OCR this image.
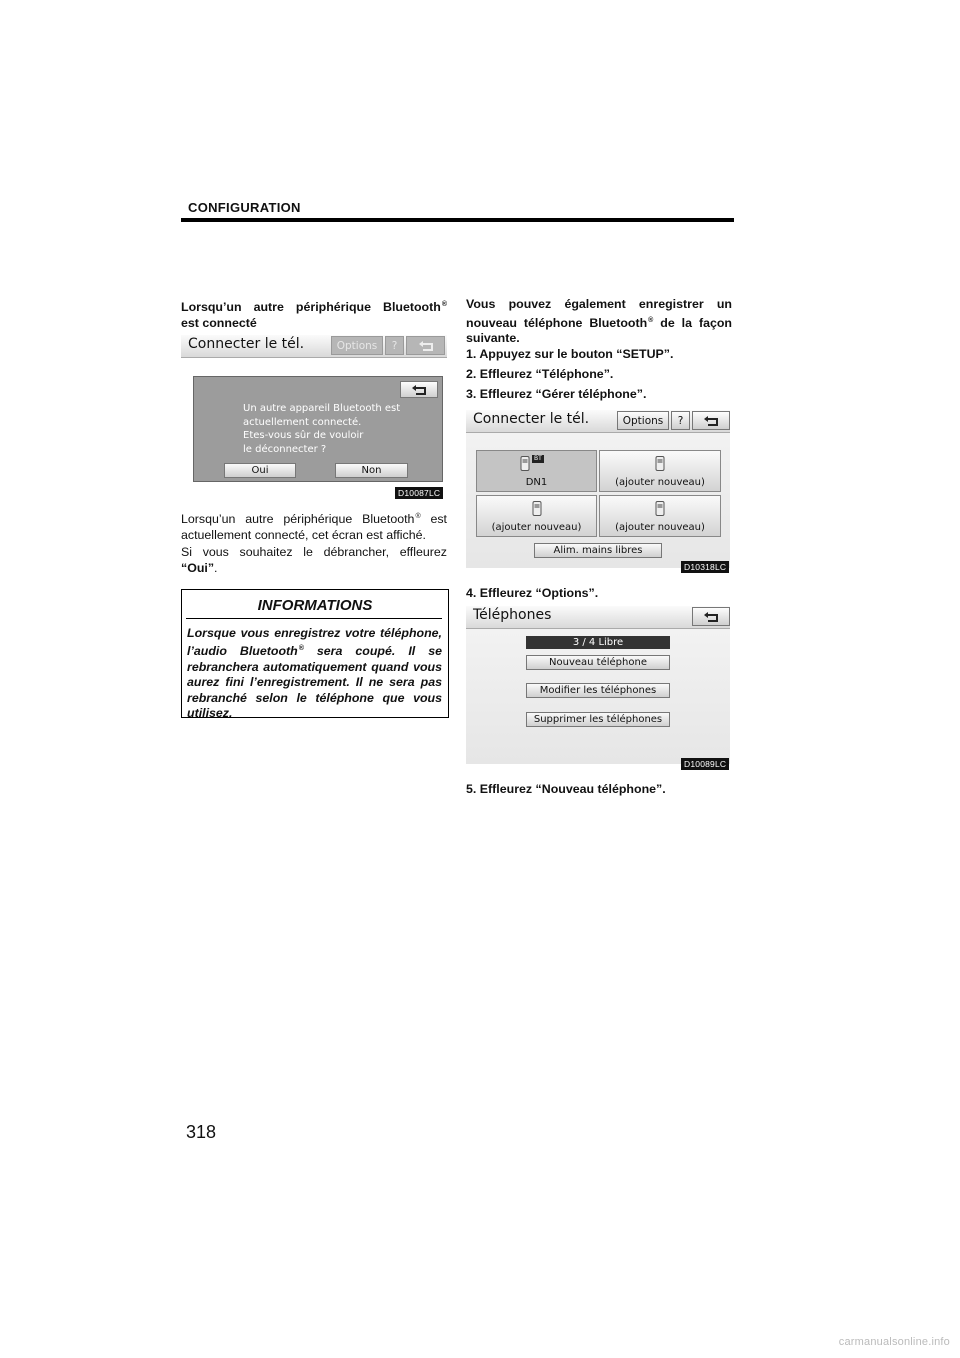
CONFIGURATION
Lorsqu’un autre périphérique Bluetooth®
est connecté
Connecter le tél.	Options	?
Un autre appareil Bluetooth est
actuellement connecté.
Etes-vous sûr de vouloir
le déconnecter ?
Oui	Non
D10087LC
Lorsqu’un autre périphérique Bluetooth® est actuellement connecté, cet écran est affiché.
Si vous souhaitez le débrancher, effleurez “Oui”.
INFORMATIONS
Lorsque vous enregistrez votre téléphone, l’audio Bluetooth® sera coupé. Il se rebranchera automatiquement quand vous aurez fini l’enregistrement. Il ne sera pas rebranché selon le téléphone que vous utilisez.
Vous pouvez également enregistrer un nouveau téléphone Bluetooth® de la façon suivante.
1. Appuyez sur le bouton “SETUP”.
2. Effleurez “Téléphone”.
3. Effleurez “Gérer téléphone”.
Connecter le tél.	Options	?
BT
DN1	(ajouter nouveau)
(ajouter nouveau)	(ajouter nouveau)
Alim. mains libres
D10318LC
4. Effleurez “Options”.
Téléphones
3 / 4 Libre
Nouveau téléphone
Modifier les téléphones
Supprimer les téléphones
D10089LC
5. Effleurez “Nouveau téléphone”.
318
carmanualsonline.info
